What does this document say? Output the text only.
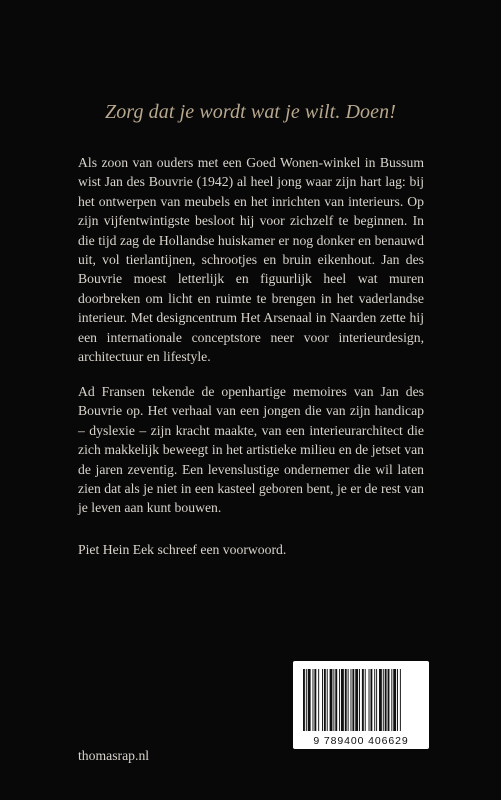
Zorg dat je wordt wat je wilt. Doen!

Als zoon van ouders met een Goed Wonen-winkel in Bussum wist Jan des Bouvrie (1942) al heel jong waar zijn hart lag: bij het ontwerpen van meubels en het inrichten van interieurs. Op zijn vijfentwintigste besloot hij voor zichzelf te beginnen. In die tijd zag de Hollandse huiskamer er nog donker en benauwd uit, vol tierlantijnen, schrootjes en bruin eikenhout. Jan des Bouvrie moest letterlijk en figuurlijk heel wat muren doorbreken om licht en ruimte te brengen in het vaderlandse interieur. Met designcentrum Het Arsenaal in Naarden zette hij een internationale conceptstore neer voor interieurdesign, architectuur en lifestyle.

Ad Fransen tekende de openhartige memoires van Jan des Bouvrie op. Het verhaal van een jongen die van zijn handicap – dyslexie – zijn kracht maakte, van een interieurarchitect die zich makkelijk beweegt in het artistieke milieu en de jetset van de jaren zeventig. Een levenslustige ondernemer die wil laten zien dat als je niet in een kasteel geboren bent, je er de rest van je leven aan kunt bouwen.

Piet Hein Eek schreef een voorwoord.

thomasrap.nl

9 789400 406629
